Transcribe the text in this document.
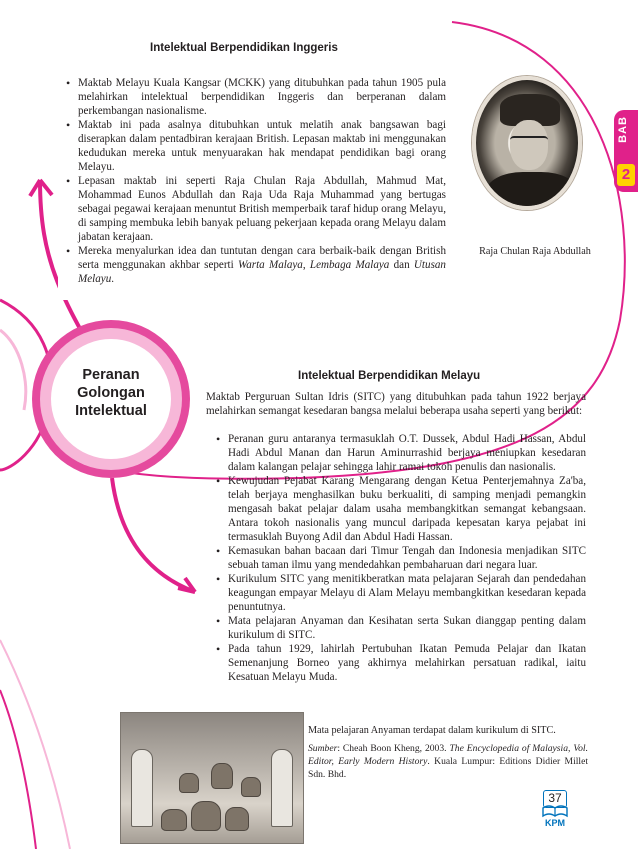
BAB
2
Intelektual Berpendidikan Inggeris
• Maktab Melayu Kuala Kangsar (MCKK) yang ditubuhkan pada tahun 1905 pula melahirkan intelektual berpendidikan Inggeris dan berperanan dalam perkembangan nasionalisme.
• Maktab ini pada asalnya ditubuhkan untuk melatih anak bangsawan bagi diserapkan dalam pentadbiran kerajaan British. Lepasan maktab ini menggunakan kedudukan mereka untuk menyuarakan hak mendapat pendidikan bagi orang Melayu.
• Lepasan maktab ini seperti Raja Chulan Raja Abdullah, Mahmud Mat, Mohammad Eunos Abdullah dan Raja Uda Raja Muhammad yang bertugas sebagai pegawai kerajaan menuntut British memperbaik taraf hidup orang Melayu, di samping membuka lebih banyak peluang pekerjaan kepada orang Melayu dalam jabatan kerajaan.
• Mereka menyalurkan idea dan tuntutan dengan cara berbaik-baik dengan British serta menggunakan akhbar seperti Warta Malaya, Lembaga Malaya dan Utusan Melayu.
Raja Chulan Raja Abdullah
Peranan
Golongan
Intelektual
Intelektual Berpendidikan Melayu
Maktab Perguruan Sultan Idris (SITC) yang ditubuhkan pada tahun 1922 berjaya melahirkan semangat kesedaran bangsa melalui beberapa usaha seperti yang berikut:
• Peranan guru antaranya termasuklah O.T. Dussek, Abdul Hadi Hassan, Abdul Hadi Abdul Manan dan Harun Aminurrashid berjaya meniupkan kesedaran dalam kalangan pelajar sehingga lahir ramai tokoh penulis dan nasionalis.
• Kewujudan Pejabat Karang Mengarang dengan Ketua Penterjemahnya Za'ba, telah berjaya menghasilkan buku berkualiti, di samping menjadi pemangkin mengasah bakat pelajar dalam usaha membangkitkan semangat kebangsaan. Antara tokoh nasionalis yang muncul daripada kepesatan karya pejabat ini termasuklah Buyong Adil dan Abdul Hadi Hassan.
• Kemasukan bahan bacaan dari Timur Tengah dan Indonesia menjadikan SITC sebuah taman ilmu yang mendedahkan pembaharuan dari negara luar.
• Kurikulum SITC yang menitikberatkan mata pelajaran Sejarah dan pendedahan keagungan empayar Melayu di Alam Melayu membangkitkan kesedaran kepada penuntutnya.
• Mata pelajaran Anyaman dan Kesihatan serta Sukan dianggap penting dalam kurikulum di SITC.
• Pada tahun 1929, lahirlah Pertubuhan Ikatan Pemuda Pelajar dan Ikatan Semenanjung Borneo yang akhirnya melahirkan persatuan radikal, iaitu Kesatuan Melayu Muda.
Mata pelajaran Anyaman terdapat dalam kurikulum di SITC.
Sumber: Cheah Boon Kheng, 2003. The Encyclopedia of Malaysia, Vol. Editor, Early Modern History. Kuala Lumpur: Editions Didier Millet Sdn. Bhd.
37
KPM
